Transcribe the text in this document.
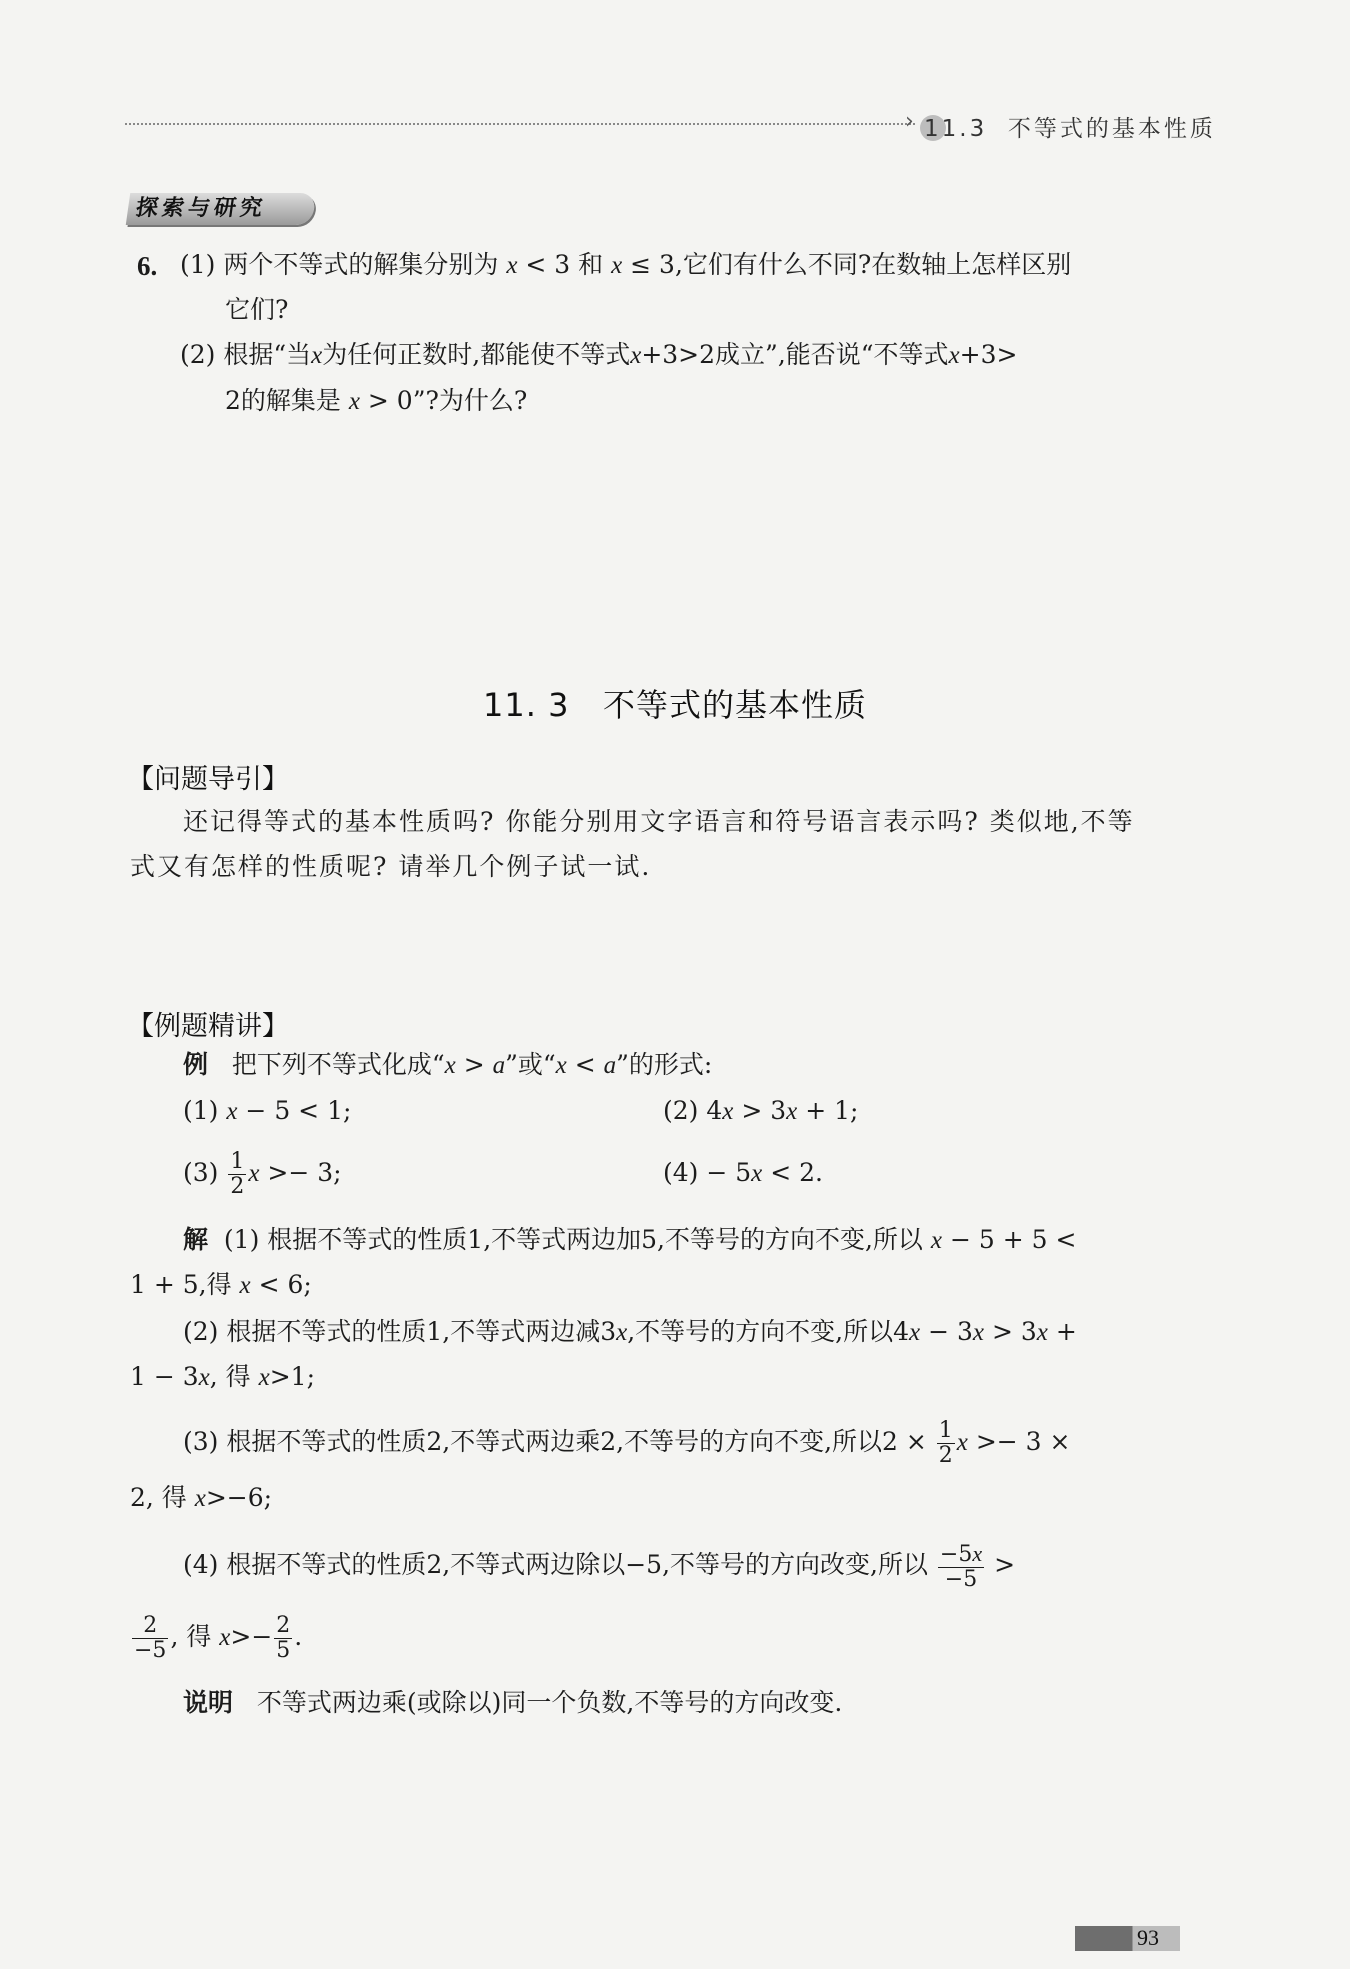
› 11.3 不等式的基本性质
探索与研究
6. (1) 两个不等式的解集分别为 x < 3 和 x ≤ 3,它们有什么不同?在数轴上怎样区别
它们?
(2) 根据“当x为任何正数时,都能使不等式x+3>2成立”,能否说“不等式x+3>
2的解集是 x > 0”?为什么?
11. 3 不等式的基本性质
【问题导引】
还记得等式的基本性质吗? 你能分别用文字语言和符号语言表示吗? 类似地,不等
式又有怎样的性质呢? 请举几个例子试一试.
【例题精讲】
例 把下列不等式化成“x > a”或“x < a”的形式:
(1) x − 5 < 1;	(2) 4x > 3x + 1;
$(3) \frac{1}{2}$ x >− 3;	(4) − 5x < 2.
解 (1) 根据不等式的性质1,不等式两边加5,不等号的方向不变,所以 x − 5 + 5 <
1 + 5,得 x < 6;
(2) 根据不等式的性质1,不等式两边减3x,不等号的方向不变,所以4x − 3x > 3x +
1 − 3x, 得 x>1;
(3) 根据不等式的性质2,不等式两边乘2,不等号的方向不变,所以$2 \times \frac{1}{2}$ x >− 3 ×
2, 得 x>−6;
(4) 根据不等式的性质2,不等式两边除以−5,不等号的方向改变,所以 $\frac{-5x}{-5}$ >
$\frac{2}{-5}$ , 得 $x>- \frac{2}{5}$ .
说明 不等式两边乘(或除以)同一个负数,不等号的方向改变.
93
